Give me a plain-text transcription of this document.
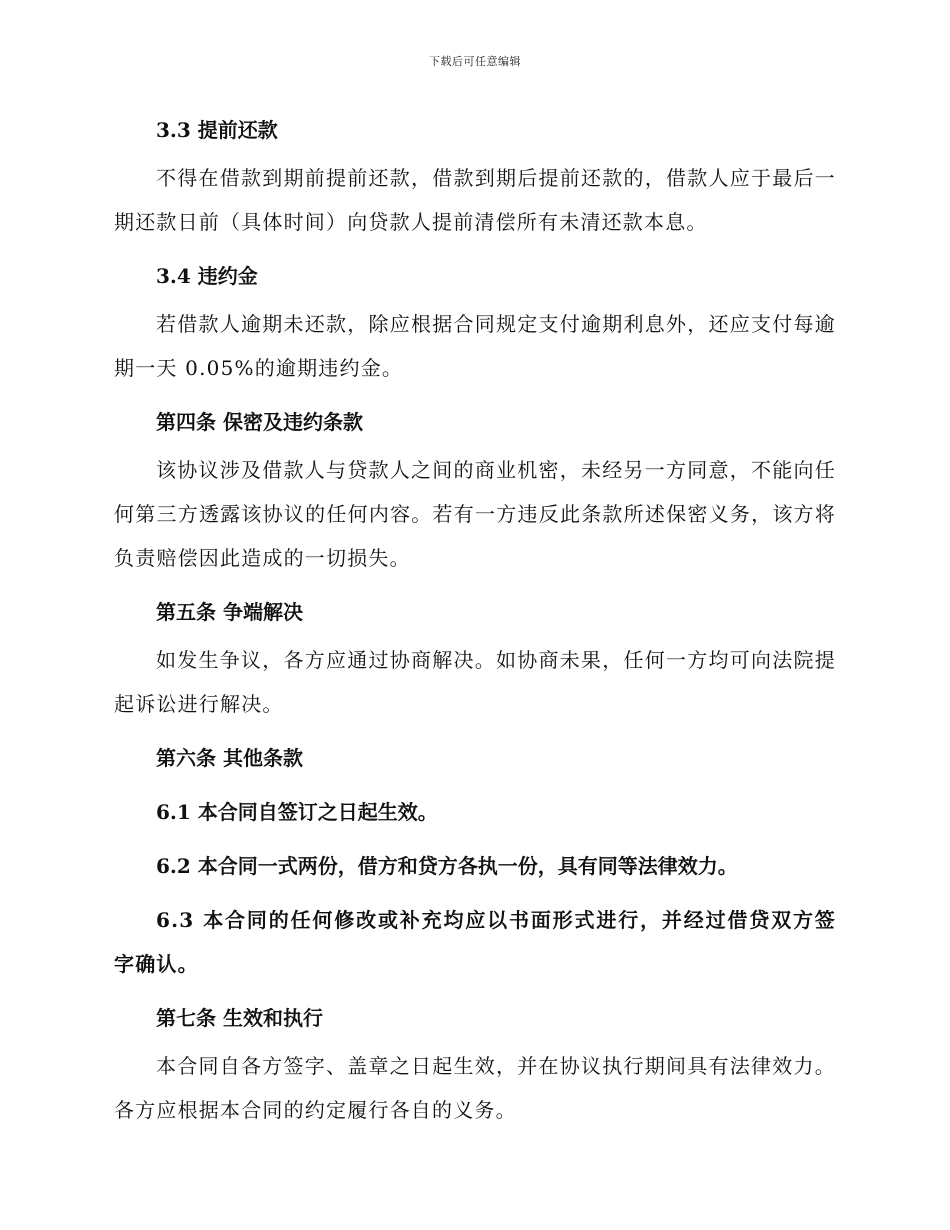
下载后可任意编辑
3.3 提前还款

不得在借款到期前提前还款，借款到期后提前还款的，借款人应于最后一期还款日前（具体时间）向贷款人提前清偿所有未清还款本息。

3.4 违约金

若借款人逾期未还款，除应根据合同规定支付逾期利息外，还应支付每逾期一天 0.05%的逾期违约金。

第四条 保密及违约条款

该协议涉及借款人与贷款人之间的商业机密，未经另一方同意，不能向任何第三方透露该协议的任何内容。若有一方违反此条款所述保密义务，该方将负责赔偿因此造成的一切损失。

第五条 争端解决

如发生争议，各方应通过协商解决。如协商未果，任何一方均可向法院提起诉讼进行解决。

第六条 其他条款
6.1 本合同自签订之日起生效。
6.2 本合同一式两份，借方和贷方各执一份，具有同等法律效力。

6.3 本合同的任何修改或补充均应以书面形式进行，并经过借贷双方签字确认。

第七条 生效和执行

本合同自各方签字、盖章之日起生效，并在协议执行期间具有法律效力。各方应根据本合同的约定履行各自的义务。
